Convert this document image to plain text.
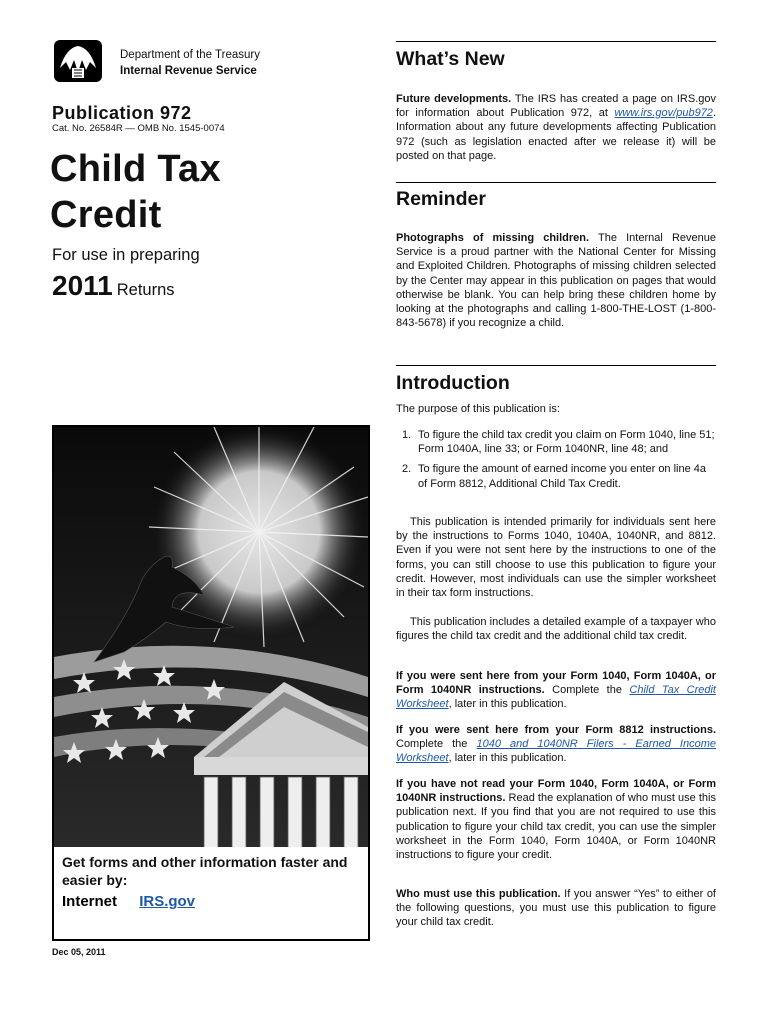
Department of the Treasury
Internal Revenue Service
Publication 972
Cat. No. 26584R — OMB No. 1545-0074
Child Tax
Credit
For use in preparing
2011 Returns
Get forms and other information faster and easier by:
Internet IRS.gov
Dec 05, 2011
What’s New
Future developments. The IRS has created a page on IRS.gov for information about Publication 972, at www.irs.gov/pub972. Information about any future developments affecting Publication 972 (such as legislation enacted after we release it) will be posted on that page.
Reminder
Photographs of missing children. The Internal Revenue Service is a proud partner with the National Center for Missing and Exploited Children. Photographs of missing children selected by the Center may appear in this publication on pages that would otherwise be blank. You can help bring these children home by looking at the photographs and calling 1-800-THE-LOST (1-800-843-5678) if you recognize a child.
Introduction
The purpose of this publication is:
1. To figure the child tax credit you claim on Form 1040, line 51; Form 1040A, line 33; or Form 1040NR, line 48; and
2. To figure the amount of earned income you enter on line 4a of Form 8812, Additional Child Tax Credit.
This publication is intended primarily for individuals sent here by the instructions to Forms 1040, 1040A, 1040NR, and 8812. Even if you were not sent here by the instructions to one of the forms, you can still choose to use this publication to figure your credit. However, most individuals can use the simpler worksheet in their tax form instructions.
This publication includes a detailed example of a taxpayer who figures the child tax credit and the additional child tax credit.
If you were sent here from your Form 1040, Form 1040A, or Form 1040NR instructions. Complete the Child Tax Credit Worksheet, later in this publication.
If you were sent here from your Form 8812 instructions. Complete the 1040 and 1040NR Filers - Earned Income Worksheet, later in this publication.
If you have not read your Form 1040, Form 1040A, or Form 1040NR instructions. Read the explanation of who must use this publication next. If you find that you are not required to use this publication to figure your child tax credit, you can use the simpler worksheet in the Form 1040, Form 1040A, or Form 1040NR instructions to figure your credit.
Who must use this publication. If you answer “Yes” to either of the following questions, you must use this publication to figure your child tax credit.
